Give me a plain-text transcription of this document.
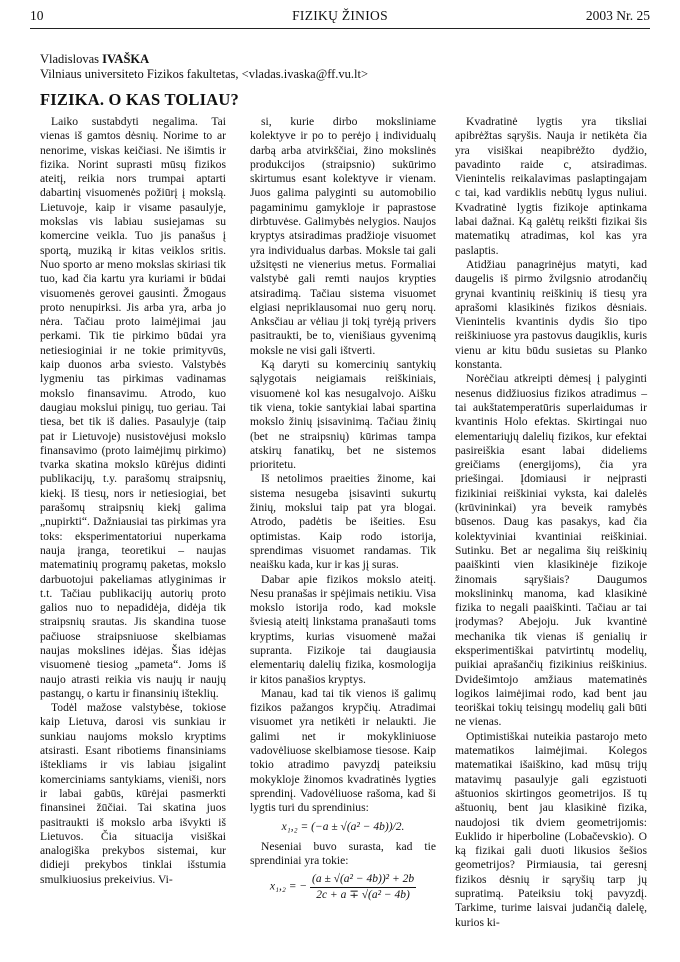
10	FIZIKŲ ŽINIOS	2003 Nr. 25
Vladislovas IVAŠKA
Vilniaus universiteto Fizikos fakultetas, <vladas.ivaska@ff.vu.lt>
FIZIKA. O KAS TOLIAU?

Laiko sustabdyti negalima. Tai vienas iš gamtos dėsnių. Norime to ar nenorime, viskas keičiasi. Ne išimtis ir fizika. Norint suprasti mūsų fizikos ateitį, reikia nors trumpai aptarti dabartinį visuomenės požiūrį į mokslą. Lietuvoje, kaip ir visame pasaulyje, mokslas vis labiau susiejamas su komercine veikla. Tuo jis panašus į sportą, muziką ir kitas veiklos sritis. Nuo sporto ar meno mokslas skiriasi tik tuo, kad čia kartu yra kuriami ir būdai visuomenės gerovei gausinti. Žmogaus proto nenupirksi. Jis arba yra, arba jo nėra. Tačiau proto laimėjimai jau perkami. Tik tie pirkimo būdai yra netiesioginiai ir ne tokie primityvūs, kaip duonos arba sviesto. Valstybės lygmeniu tas pirkimas vadinamas mokslo finansavimu. Atrodo, kuo daugiau mokslui pinigų, tuo geriau. Tai tiesa, bet tik iš dalies. Pasaulyje (taip pat ir Lietuvoje) nusistovėjusi mokslo finansavimo (proto laimėjimų pirkimo) tvarka skatina mokslo kūrėjus didinti publikacijų, t.y. parašomų straipsnių, kiekį. Iš tiesų, nors ir netiesiogiai, bet parašomų straipsnių kiekį galima „nupirkti“. Dažniausiai tas pirkimas yra toks: eksperimentatoriui nuperkama nauja įranga, teoretikui – naujas matematinių programų paketas, mokslo darbuotojui pakeliamas atlyginimas ir t.t. Tačiau publikacijų autorių proto galios nuo to nepadidėja, didėja tik straipsnių srautas. Jis skandina tuose pačiuose straipsniuose skelbiamas naujas mokslines idėjas. Šias idėjas visuomenė tiesiog „pameta“. Joms iš naujo atrasti reikia vis naujų ir naujų pastangų, o kartu ir finansinių išteklių.

Todėl mažose valstybėse, tokiose kaip Lietuva, darosi vis sunkiau ir sunkiau naujoms mokslo kryptims atsirasti. Esant ribotiems finansiniams ištekliams ir vis labiau įsigalint komerciniams santykiams, vieniši, nors ir labai gabūs, kūrėjai pasmerkti finansinei žūčiai. Tai skatina juos pasitraukti iš mokslo arba išvykti iš Lietuvos. Čia situacija visiškai analogiška prekybos sistemai, kur didieji prekybos tinklai išstumia smulkiuosius prekeivius. Vi-

si, kurie dirbo moksliniame kolektyve ir po to perėjo į individualų darbą arba atvirkščiai, žino mokslinės produkcijos (straipsnio) sukūrimo skirtumus esant kolektyve ir vienam. Juos galima palyginti su automobilio pagaminimu gamykloje ir paprastose dirbtuvėse. Galimybės nelygios. Naujos kryptys atsiradimas pradžioje visuomet yra individualus darbas. Moksle tai gali užsitęsti ne vienerius metus. Formaliai valstybė gali remti naujos krypties atsiradimą. Tačiau sistema visuomet elgiasi nepriklausomai nuo gerų norų. Anksčiau ar vėliau ji tokį tyrėją privers pasitraukti, be to, vienišiaus gyvenimą moksle ne visi gali ištverti.

Ką daryti su komercinių santykių sąlygotais neigiamais reiškiniais, visuomenė kol kas nesugalvojo. Aišku tik viena, tokie santykiai labai spartina mokslo žinių įsisavinimą. Tačiau žinių (bet ne straipsnių) kūrimas tampa atskirų fanatikų, bet ne sistemos prioritetu.

Iš netolimos praeities žinome, kai sistema nesugeba įsisavinti sukurtų žinių, mokslui taip pat yra blogai. Atrodo, padėtis be išeities. Esu optimistas. Kaip rodo istorija, sprendimas visuomet randamas. Tik neaišku kada, kur ir kas jį suras.

Dabar apie fizikos mokslo ateitį. Nesu pranašas ir spėjimais netikiu. Visa mokslo istorija rodo, kad moksle šviesią ateitį linkstama pranašauti toms kryptims, kurias visuomenė mažai supranta. Fizikoje tai daugiausia elementarių dalelių fizika, kosmologija ir kitos panašios kryptys.

Manau, kad tai tik vienos iš galimų fizikos pažangos krypčių. Atradimai visuomet yra netikėti ir nelaukti. Jie galimi net ir mokykliniuose vadovėliuose skelbiamose tiesose. Kaip tokio atradimo pavyzdį pateiksiu mokykloje žinomos kvadratinės lygties sprendinį. Vadovėliuose rašoma, kad ši lygtis turi du sprendinius:

x₁,₂ = (−a ± √(a² − 4b))/2.

Neseniai buvo surasta, kad tie sprendiniai yra tokie:

x₁,₂ = − $\frac{\text{(a ± √(a² − 4b))² + 2b}}{\text{2c + a ∓ √(a² − 4b)}}$

Kvadratinė lygtis yra tiksliai apibrėžtas sąryšis. Nauja ir netikėta čia yra visiškai neapibrėžto dydžio, pavadinto raide c, atsiradimas. Vienintelis reikalavimas paslaptingajam c tai, kad vardiklis nebūtų lygus nuliui. Kvadratinė lygtis fizikoje aptinkama labai dažnai. Ką galėtų reikšti fizikai šis matematikų atradimas, kol kas yra paslaptis.

Atidžiau panagrinėjus matyti, kad daugelis iš pirmo žvilgsnio atrodančių grynai kvantinių reiškinių iš tiesų yra aprašomi klasikinės fizikos dėsniais. Vienintelis kvantinis dydis šio tipo reiškiniuose yra pastovus daugiklis, kuris vienu ar kitu būdu susietas su Planko konstanta.

Norėčiau atkreipti dėmesį į palyginti nesenus didžiuosius fizikos atradimus – tai aukštatemperatūris superlaidumas ir kvantinis Holo efektas. Skirtingai nuo elementariųjų dalelių fizikos, kur efektai pasireiškia esant labai dideliems greičiams (energijoms), čia yra priešingai. Įdomiausi ir neįprasti fizikiniai reiškiniai vyksta, kai dalelės (krūvininkai) yra beveik ramybės būsenos. Daug kas pasakys, kad čia kolektyviniai kvantiniai reiškiniai. Sutinku. Bet ar negalima šių reiškinių paaiškinti vien klasikinėje fizikoje žinomais sąryšiais? Daugumos mokslininkų manoma, kad klasikinė fizika to negali paaiškinti. Tačiau ar tai įrodymas? Abejoju. Juk kvantinė mechanika tik vienas iš genialių ir eksperimentiškai patvirtintų modelių, puikiai aprašančių fizikinius reiškinius. Dvidešimtojo amžiaus matematinės logikos laimėjimai rodo, kad bent jau teoriškai tokių teisingų modelių gali būti ne vienas.

Optimistiškai nuteikia pastarojo meto matematikos laimėjimai. Kolegos matematikai išaiškino, kad mūsų trijų matavimų pasaulyje gali egzistuoti aštuonios skirtingos geometrijos. Iš tų aštuonių, bent jau klasikinė fizika, naudojosi tik dviem geometrijomis: Euklido ir hiperboline (Lobačevskio). O ką fizikai gali duoti likusios šešios geometrijos? Pirmiausia, tai geresnį fizikos dėsnių ir sąryšių tarp jų supratimą. Pateiksiu tokį pavyzdį. Tarkime, turime laisvai judančią dalelę, kurios ki-
